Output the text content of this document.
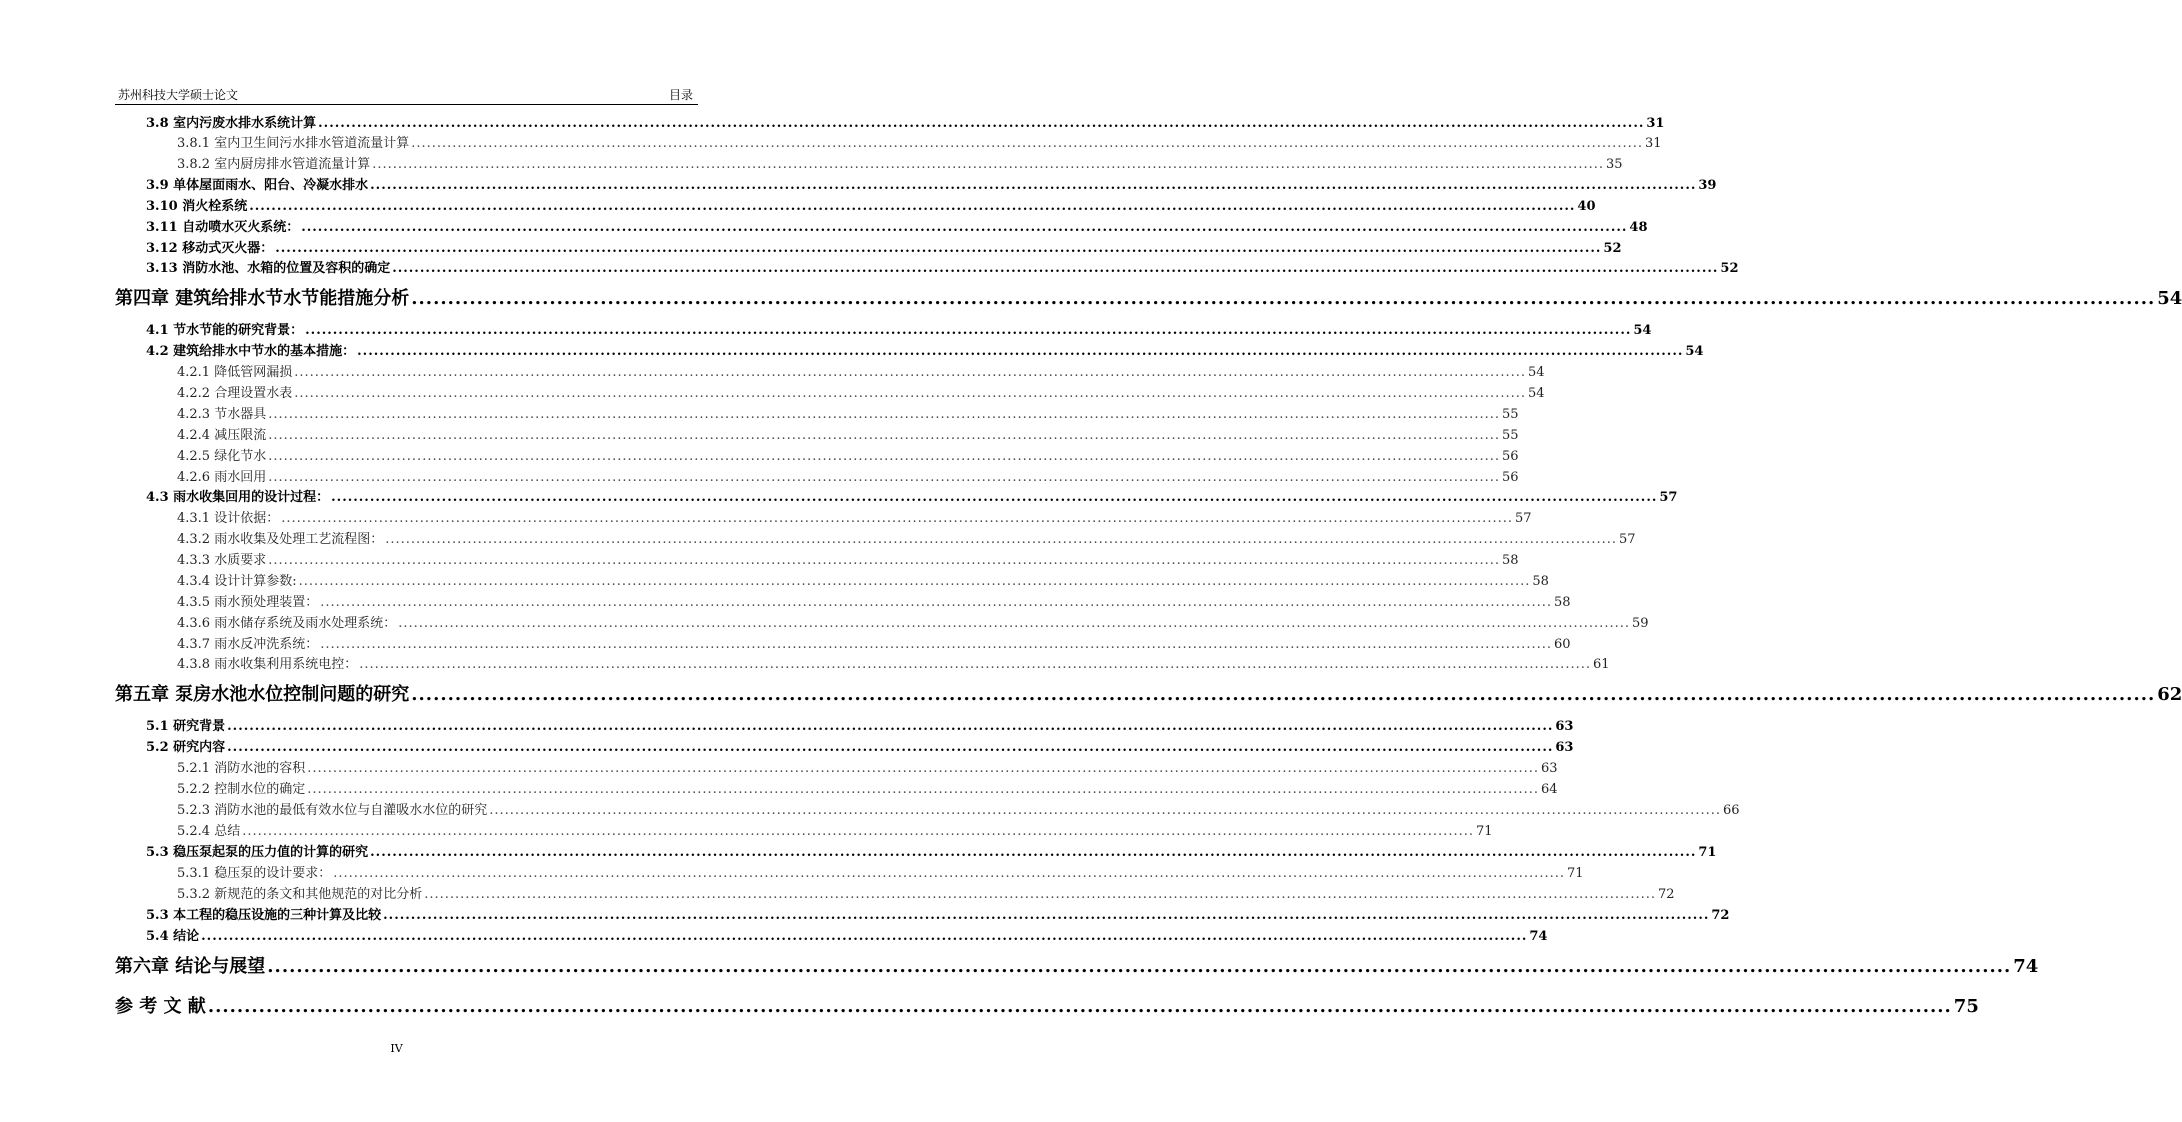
苏州科技大学硕士论文	目录
3.8 室内污废水排水系统计算 ................................................................................................................................................................................................................................................ 31
3.8.1 室内卫生间污水排水管道流量计算 ................................................................................................................................................................................................................................................ 31
3.8.2 室内厨房排水管道流量计算 ................................................................................................................................................................................................................................................ 35
3.9 单体屋面雨水、阳台、冷凝水排水 ................................................................................................................................................................................................................................................ 39
3.10 消火栓系统 ................................................................................................................................................................................................................................................ 40
3.11 自动喷水灭火系统： ................................................................................................................................................................................................................................................ 48
3.12 移动式灭火器： ................................................................................................................................................................................................................................................ 52
3.13 消防水池、水箱的位置及容积的确定 ................................................................................................................................................................................................................................................ 52
第四章 建筑给排水节水节能措施分析 ................................................................................................................................................................................................................................................ 54
4.1 节水节能的研究背景： ................................................................................................................................................................................................................................................ 54
4.2 建筑给排水中节水的基本措施： ................................................................................................................................................................................................................................................ 54
4.2.1 降低管网漏损 ................................................................................................................................................................................................................................................ 54
4.2.2 合理设置水表 ................................................................................................................................................................................................................................................ 54
4.2.3 节水器具 ................................................................................................................................................................................................................................................ 55
4.2.4 减压限流 ................................................................................................................................................................................................................................................ 55
4.2.5 绿化节水 ................................................................................................................................................................................................................................................ 56
4.2.6 雨水回用 ................................................................................................................................................................................................................................................ 56
4.3 雨水收集回用的设计过程： ................................................................................................................................................................................................................................................ 57
4.3.1 设计依据： ................................................................................................................................................................................................................................................ 57
4.3.2 雨水收集及处理工艺流程图： ................................................................................................................................................................................................................................................ 57
4.3.3 水质要求 ................................................................................................................................................................................................................................................ 58
4.3.4 设计计算参数: ................................................................................................................................................................................................................................................ 58
4.3.5 雨水预处理装置： ................................................................................................................................................................................................................................................ 58
4.3.6 雨水储存系统及雨水处理系统： ................................................................................................................................................................................................................................................ 59
4.3.7 雨水反冲洗系统： ................................................................................................................................................................................................................................................ 60
4.3.8 雨水收集利用系统电控： ................................................................................................................................................................................................................................................ 61
第五章 泵房水池水位控制问题的研究 ................................................................................................................................................................................................................................................ 62
5.1 研究背景 ................................................................................................................................................................................................................................................ 63
5.2 研究内容 ................................................................................................................................................................................................................................................ 63
5.2.1 消防水池的容积 ................................................................................................................................................................................................................................................ 63
5.2.2 控制水位的确定 ................................................................................................................................................................................................................................................ 64
5.2.3 消防水池的最低有效水位与自灌吸水水位的研究 ................................................................................................................................................................................................................................................ 66
5.2.4 总结 ................................................................................................................................................................................................................................................ 71
5.3 稳压泵起泵的压力值的计算的研究 ................................................................................................................................................................................................................................................ 71
5.3.1 稳压泵的设计要求： ................................................................................................................................................................................................................................................ 71
5.3.2 新规范的条文和其他规范的对比分析 ................................................................................................................................................................................................................................................ 72
5.3 本工程的稳压设施的三种计算及比较 ................................................................................................................................................................................................................................................ 72
5.4 结论 ................................................................................................................................................................................................................................................ 74
第六章 结论与展望 ................................................................................................................................................................................................................................................ 74
参 考 文 献 ................................................................................................................................................................................................................................................ 75
IV
